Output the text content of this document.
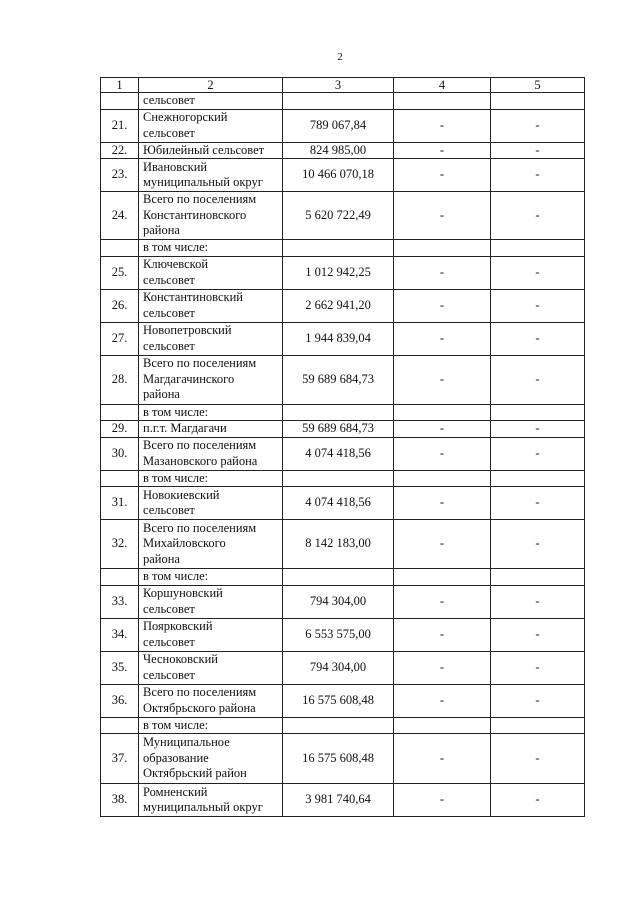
2
1	2	3	4	5

	сельсовет			

21.	Снежногорский
сельсовет	789 067,84	-	-
22.	Юбилейный сельсовет	824 985,00	-	-
23.	Ивановский
муниципальный округ	10 466 070,18	-	-
24.	Всего по поселениям
Константиновского
района	5 620 722,49	-	-

	в том числе:			

25.	Ключевской
сельсовет	1 012 942,25	-	-
26.	Константиновский
сельсовет	2 662 941,20	-	-
27.	Новопетровский
сельсовет	1 944 839,04	-	-
28.	Всего по поселениям
Магдагачинского
района	59 689 684,73	-	-

	в том числе:			

29.	п.г.т. Магдагачи	59 689 684,73	-	-
30.	Всего по поселениям
Мазановского района	4 074 418,56	-	-

	в том числе:			

31.	Новокиевский
сельсовет	4 074 418,56	-	-
32.	Всего по поселениям
Михайловского
района	8 142 183,00	-	-

	в том числе:			

33.	Коршуновский
сельсовет	794 304,00	-	-
34.	Поярковский
сельсовет	6 553 575,00	-	-
35.	Чесноковский
сельсовет	794 304,00	-	-
36.	Всего по поселениям
Октябрьского района	16 575 608,48	-	-

	в том числе:			

37.	Муниципальное
образование
Октябрьский район	16 575 608,48	-	-
38.	Ромненский
муниципальный округ	3 981 740,64	-	-
